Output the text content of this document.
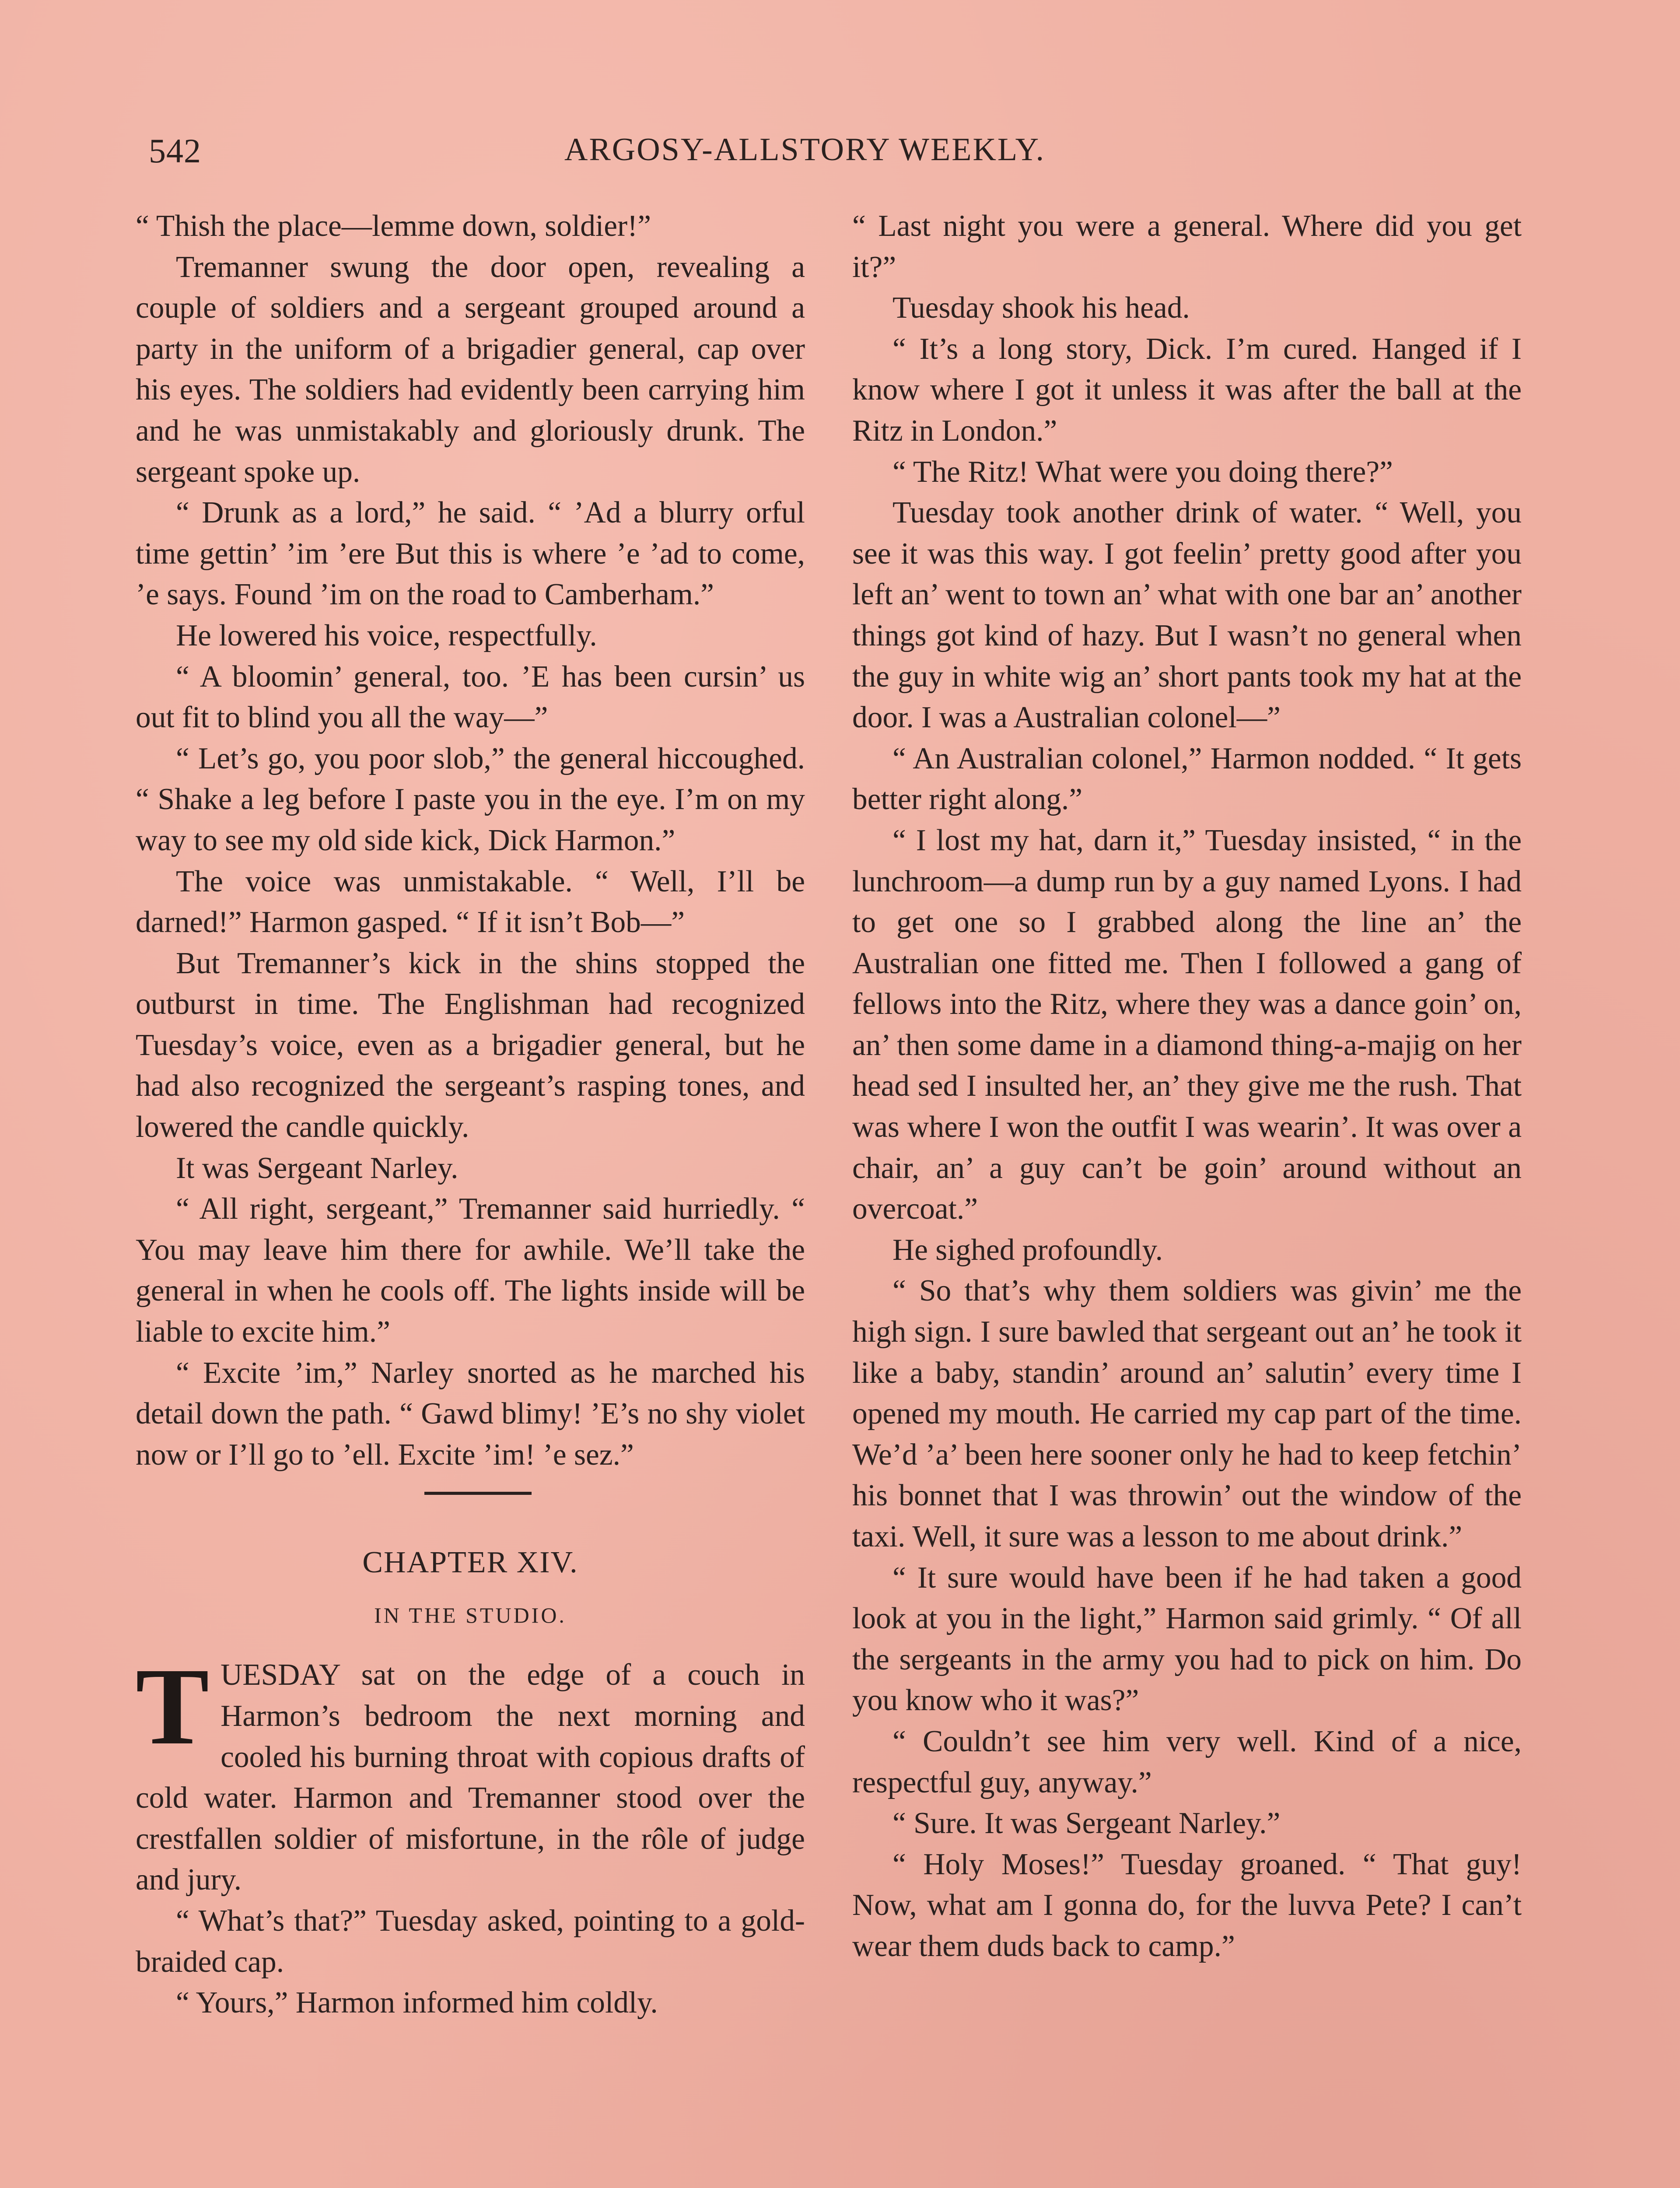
542	ARGOSY-ALLSTORY WEEKLY.

“ Thish the place—lemme down, soldier!”

Tremanner swung the door open, revealing a couple of soldiers and a sergeant grouped around a party in the uniform of a brigadier general, cap over his eyes. The soldiers had evidently been carrying him and he was unmistakably and gloriously drunk. The sergeant spoke up.

“ Drunk as a lord,” he said. “ ’Ad a blurry orful time gettin’ ’im ’ere But this is where ’e ’ad to come, ’e says. Found ’im on the road to Camberham.”

He lowered his voice, respectfully.

“ A bloomin’ general, too. ’E has been cursin’ us out fit to blind you all the way—”

“ Let’s go, you poor slob,” the general hiccoughed. “ Shake a leg before I paste you in the eye. I’m on my way to see my old side kick, Dick Harmon.”

The voice was unmistakable. “ Well, I’ll be darned!” Harmon gasped. “ If it isn’t Bob—”

But Tremanner’s kick in the shins stopped the outburst in time. The Englishman had recognized Tuesday’s voice, even as a brigadier general, but he had also recognized the sergeant’s rasping tones, and lowered the candle quickly.

It was Sergeant Narley.

“ All right, sergeant,” Tremanner said hurriedly. “ You may leave him there for awhile. We’ll take the general in when he cools off. The lights inside will be liable to excite him.”

“ Excite ’im,” Narley snorted as he marched his detail down the path. “ Gawd blimy! ’E’s no shy violet now or I’ll go to ’ell. Excite ’im! ’e sez.”

CHAPTER XIV.
IN THE STUDIO.

TUESDAY sat on the edge of a couch in Harmon’s bedroom the next morning and cooled his burning throat with copious drafts of cold water. Harmon and Tremanner stood over the crestfallen soldier of misfortune, in the rôle of judge and jury.

“ What’s that?” Tuesday asked, pointing to a gold-braided cap.

“ Yours,” Harmon informed him coldly.

“ Last night you were a general. Where did you get it?”

Tuesday shook his head.

“ It’s a long story, Dick. I’m cured. Hanged if I know where I got it unless it was after the ball at the Ritz in London.”

“ The Ritz! What were you doing there?”

Tuesday took another drink of water. “ Well, you see it was this way. I got feelin’ pretty good after you left an’ went to town an’ what with one bar an’ another things got kind of hazy. But I wasn’t no general when the guy in white wig an’ short pants took my hat at the door. I was a Australian colonel—”

“ An Australian colonel,” Harmon nodded. “ It gets better right along.”

“ I lost my hat, darn it,” Tuesday insisted, “ in the lunchroom—a dump run by a guy named Lyons. I had to get one so I grabbed along the line an’ the Australian one fitted me. Then I followed a gang of fellows into the Ritz, where they was a dance goin’ on, an’ then some dame in a diamond thing-a-majig on her head sed I insulted her, an’ they give me the rush. That was where I won the outfit I was wearin’. It was over a chair, an’ a guy can’t be goin’ around without an overcoat.”

He sighed profoundly.

“ So that’s why them soldiers was givin’ me the high sign. I sure bawled that sergeant out an’ he took it like a baby, standin’ around an’ salutin’ every time I opened my mouth. He carried my cap part of the time. We’d ’a’ been here sooner only he had to keep fetchin’ his bonnet that I was throwin’ out the window of the taxi. Well, it sure was a lesson to me about drink.”

“ It sure would have been if he had taken a good look at you in the light,” Harmon said grimly. “ Of all the sergeants in the army you had to pick on him. Do you know who it was?”

“ Couldn’t see him very well. Kind of a nice, respectful guy, anyway.”

“ Sure. It was Sergeant Narley.”

“ Holy Moses!” Tuesday groaned. “ That guy! Now, what am I gonna do, for the luvva Pete? I can’t wear them duds back to camp.”
